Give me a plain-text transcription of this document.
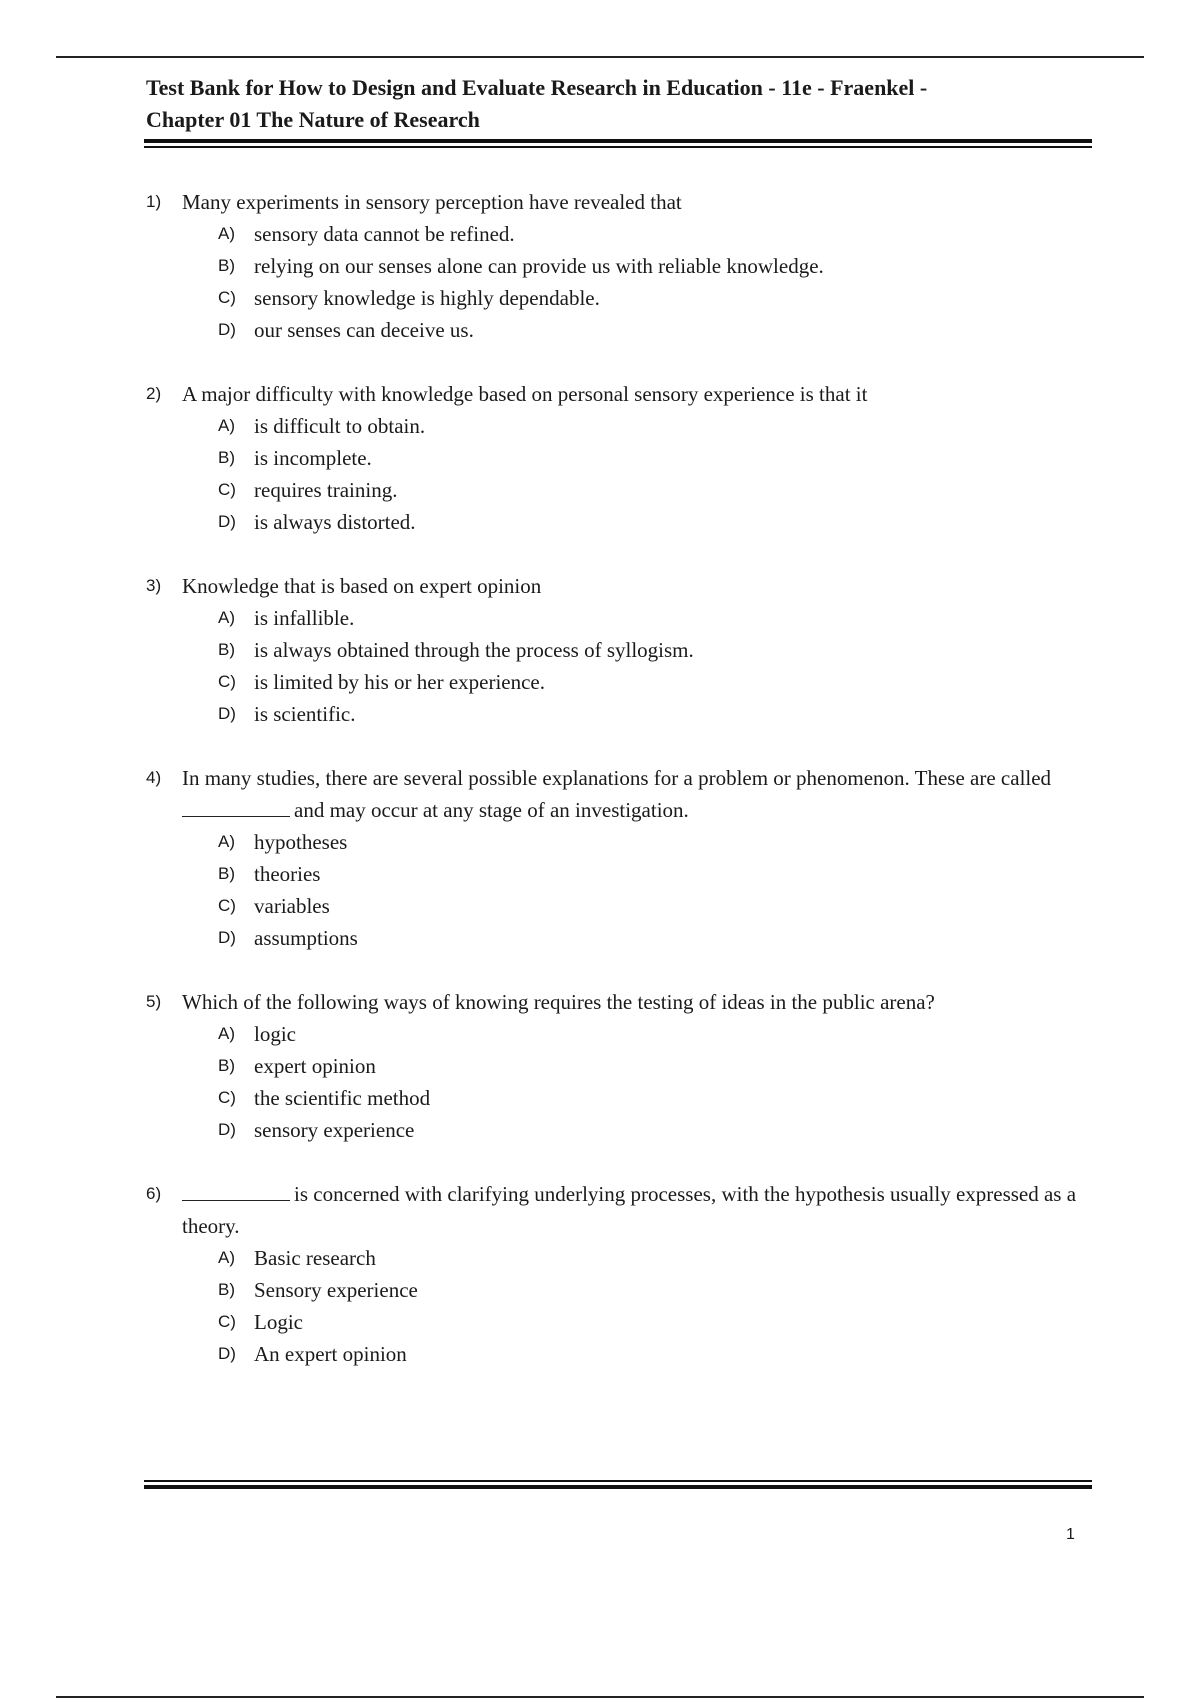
Test Bank for How to Design and Evaluate Research in Education - 11e - Fraenkel -
Chapter 01 The Nature of Research
1) Many experiments in sensory perception have revealed that
A) sensory data cannot be refined.
B) relying on our senses alone can provide us with reliable knowledge.
C) sensory knowledge is highly dependable.
D) our senses can deceive us.
2) A major difficulty with knowledge based on personal sensory experience is that it
A) is difficult to obtain.
B) is incomplete.
C) requires training.
D) is always distorted.
3) Knowledge that is based on expert opinion
A) is infallible.
B) is always obtained through the process of syllogism.
C) is limited by his or her experience.
D) is scientific.
4) In many studies, there are several possible explanations for a problem or phenomenon. These are calledand may occur at any stage of an investigation.
A) hypotheses
B) theories
C) variables
D) assumptions
5) Which of the following ways of knowing requires the testing of ideas in the public arena?
A) logic
B) expert opinion
C) the scientific method
D) sensory experience
6)	is concerned with clarifying underlying processes, with the hypothesis usually expressed as a theory.
A) Basic research
B) Sensory experience
C) Logic
D) An expert opinion
1
